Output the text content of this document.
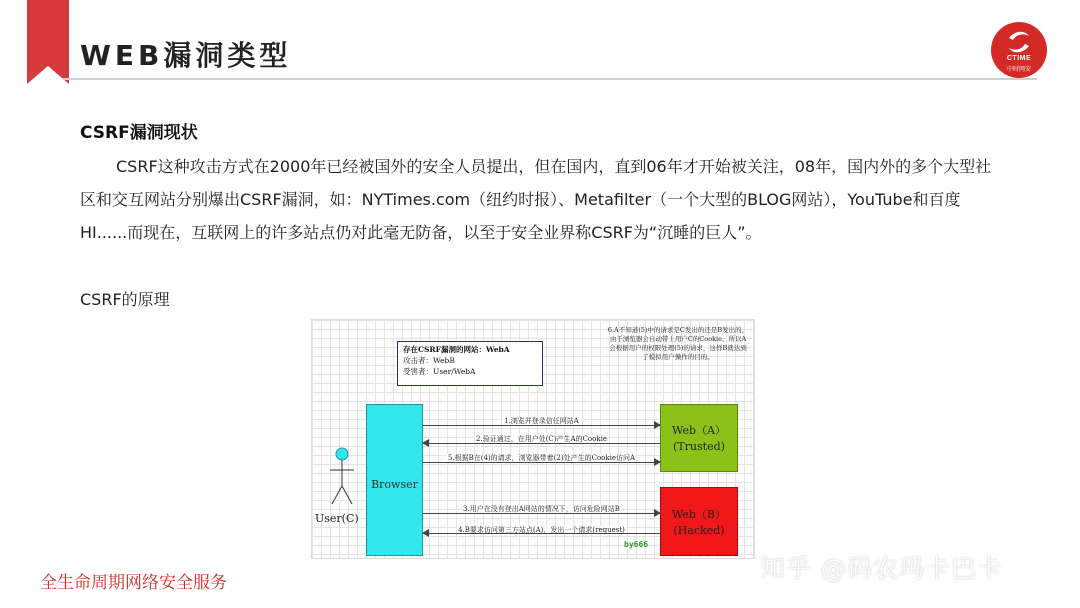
WEB漏洞类型	CTIME
中时网安
CSRF漏洞现状
CSRF这种攻击方式在2000年已经被国外的安全人员提出，但在国内，直到06年才开始被关注，08年，国内外的多个大型社区和交互网站分别爆出CSRF漏洞，如：NYTimes.com（纽约时报）、Metafilter（一个大型的BLOG网站），YouTube和百度HI......而现在，互联网上的许多站点仍对此毫无防备，以至于安全业界称CSRF为“沉睡的巨人”。
CSRF的原理
存在CSRF漏洞的网站：WebA
攻击者：WebB
受害者：User/WebA
6.A不知道(5)中的请求是C发出的还是B发出的，由于浏览器会自动带上用户C的Cookie，所以A会根据用户的权限处理(5)的请求，这样B就达到了模拟用户操作的目的。
User(C)
Browser
Web（A）
(Trusted)
Web（B）
(Hacked)
1.浏览并登录信任网站A
2.验证通过，在用户处(C)产生A的Cookie
5.根据B在(4)的请求，浏览器带着(2)处产生的Cookie访问A
3.用户在没有登出A网站的情况下，访问危险网站B
4.B要求访问第三方站点(A)，发出一个请求(request)
by666
全生命周期网络安全服务	知乎 @码农玛卡巴卡
